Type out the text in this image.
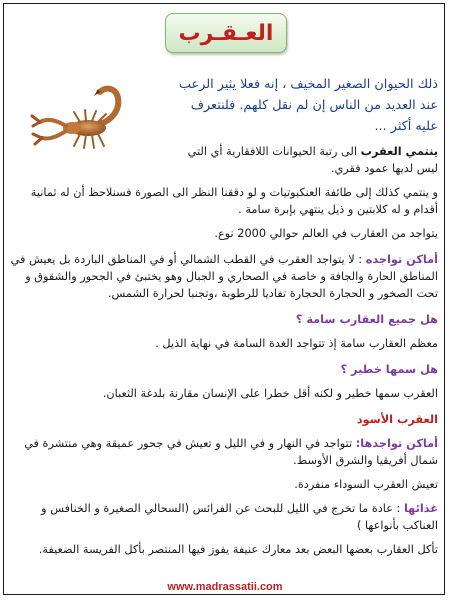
العـقـرب

ذلك الحيوان الصغير المخيف ، إنه فعلا يثير الرعب عند العديد من الناس إن لم نقل كلهم. فلنتعرف عليه أكثر ...

ينتمي العقرب الى رتبة الحيوانات اللافقارية أي التي ليس لديها عمود فقري.

و ينتمي كذلك إلى طائفة العنكبوتيات و لو دققنا النظر الى الصورة فسنلاحظ أن له ثمانية أقدام و له كلابتين و ذيل ينتهي بإبرة سامة .

يتواجد من العقارب في العالم حوالي 2000 نوع.

أماكن تواجده : لا يتواجد العقرب في القطب الشمالي أو في المناطق الباردة بل يعيش في المناطق الحارة والجافة و خاصة في الصحاري و الجبال وهو يختبئ في الجحور والشقوق و تحت الصخور و الحجارة الحجارة تفاديا للرطوبة ،وتجنبا لحرارة الشمس.

هل جميع العقارب سامة ؟

معظم العقارب سامة إذ تتواجد الغدة السامة في نهاية الذيل .

هل سمها خطير ؟

العقرب سمها خطير و لكنه أقل خطرا على الإنسان مقارنة بلدغة الثعبان.

العقرب الأسود

أماكن تواجدها: تتواجد في النهار و في الليل و تعيش في جحور عميقة وهي منتشرة في شمال أفريقيا والشرق الأوسط.

تعيش العقرب السوداء منفردة.

غذائها : عادة ما تخرج في الليل للبحث عن الفرائس (السحالي الصغيرة و الخنافس و العناكب بأنواعها )

تأكل العقارب بعضها البعض بعد معارك عنيفة يفوز فيها المنتصر بأكل الفريسة الضعيفة.

www.madrassatii.com
